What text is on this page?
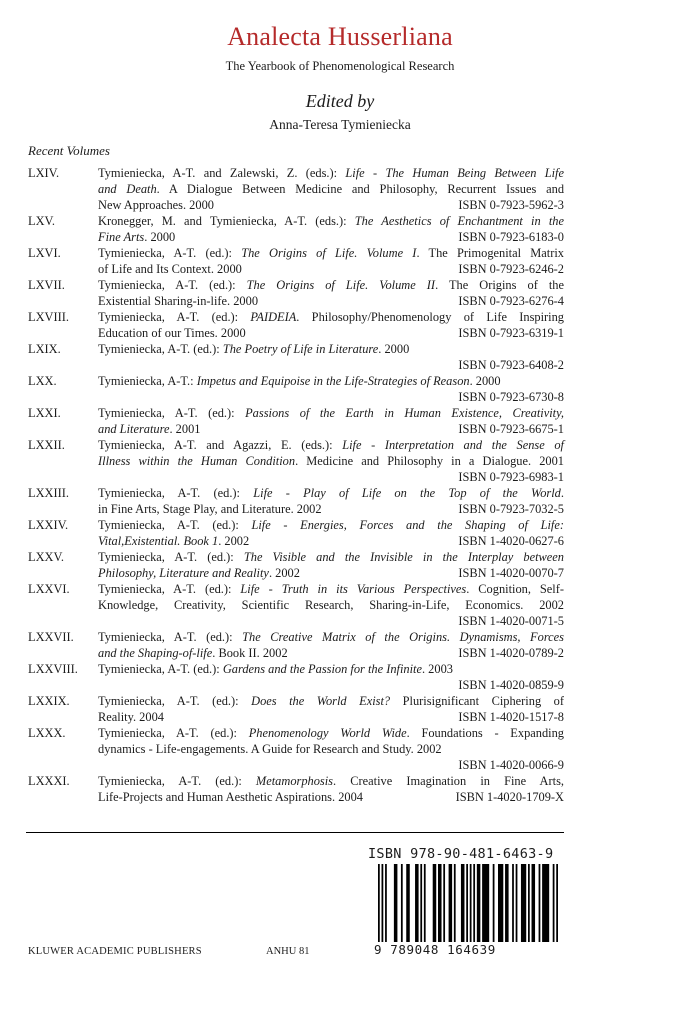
Analecta Husserliana
The Yearbook of Phenomenological Research
Edited by
Anna-Teresa Tymieniecka
Recent Volumes
LXIV.	Tymieniecka, A-T. and Zalewski, Z. (eds.): Life - The Human Being Between Life
and Death. A Dialogue Between Medicine and Philosophy, Recurrent Issues and
New Approaches. 2000	ISBN 0-7923-5962-3
LXV.	Kronegger, M. and Tymieniecka, A-T. (eds.): The Aesthetics of Enchantment in the
Fine Arts. 2000	ISBN 0-7923-6183-0
LXVI.	Tymieniecka, A-T. (ed.): The Origins of Life. Volume I. The Primogenital Matrix
of Life and Its Context. 2000	ISBN 0-7923-6246-2
LXVII.	Tymieniecka, A-T. (ed.): The Origins of Life. Volume II. The Origins of the
Existential Sharing-in-life. 2000	ISBN 0-7923-6276-4
LXVIII. Tymieniecka, A-T. (ed.): PAIDEIA. Philosophy/Phenomenology of Life Inspiring
Education of our Times. 2000	ISBN 0-7923-6319-1
LXIX.	Tymieniecka, A-T. (ed.): The Poetry of Life in Literature. 2000
ISBN 0-7923-6408-2
LXX.	Tymieniecka, A-T.: Impetus and Equipoise in the Life-Strategies of Reason. 2000
ISBN 0-7923-6730-8
LXXI.	Tymieniecka, A-T. (ed.): Passions of the Earth in Human Existence, Creativity,
and Literature. 2001	ISBN 0-7923-6675-1
LXXII.	Tymieniecka, A-T. and Agazzi, E. (eds.): Life - Interpretation and the Sense of
Illness within the Human Condition. Medicine and Philosophy in a Dialogue. 2001
ISBN 0-7923-6983-1
LXXIII. Tymieniecka, A-T. (ed.): Life - Play of Life on the Top of the World.
in Fine Arts, Stage Play, and Literature. 2002	ISBN 0-7923-7032-5
LXXIV. Tymieniecka, A-T. (ed.): Life - Energies, Forces and the Shaping of Life:
Vital,Existential. Book 1. 2002	ISBN 1-4020-0627-6
LXXV.	Tymieniecka, A-T. (ed.): The Visible and the Invisible in the Interplay between
Philosophy, Literature and Reality. 2002	ISBN 1-4020-0070-7
LXXVI. Tymieniecka, A-T. (ed.): Life - Truth in its Various Perspectives. Cognition, Self-
Knowledge, Creativity, Scientific Research, Sharing-in-Life, Economics. 2002
ISBN 1-4020-0071-5
LXXVII. Tymieniecka, A-T. (ed.): The Creative Matrix of the Origins. Dynamisms, Forces
and the Shaping-of-life. Book II. 2002	ISBN 1-4020-0789-2
LXXVIII. Tymieniecka, A-T. (ed.): Gardens and the Passion for the Infinite. 2003
ISBN 1-4020-0859-9
LXXIX. Tymieniecka, A-T. (ed.): Does the World Exist? Plurisignificant Ciphering of
Reality. 2004	ISBN 1-4020-1517-8
LXXX.	Tymieniecka, A-T. (ed.): Phenomenology World Wide. Foundations - Expanding
dynamics - Life-engagements. A Guide for Research and Study. 2002
ISBN 1-4020-0066-9
LXXXI. Tymieniecka, A-T. (ed.): Metamorphosis. Creative Imagination in Fine Arts,
Life-Projects and Human Aesthetic Aspirations. 2004	ISBN 1-4020-1709-X
ISBN 978-90-481-6463-9
9 789048 164639
KLUWER ACADEMIC PUBLISHERS	ANHU 81
